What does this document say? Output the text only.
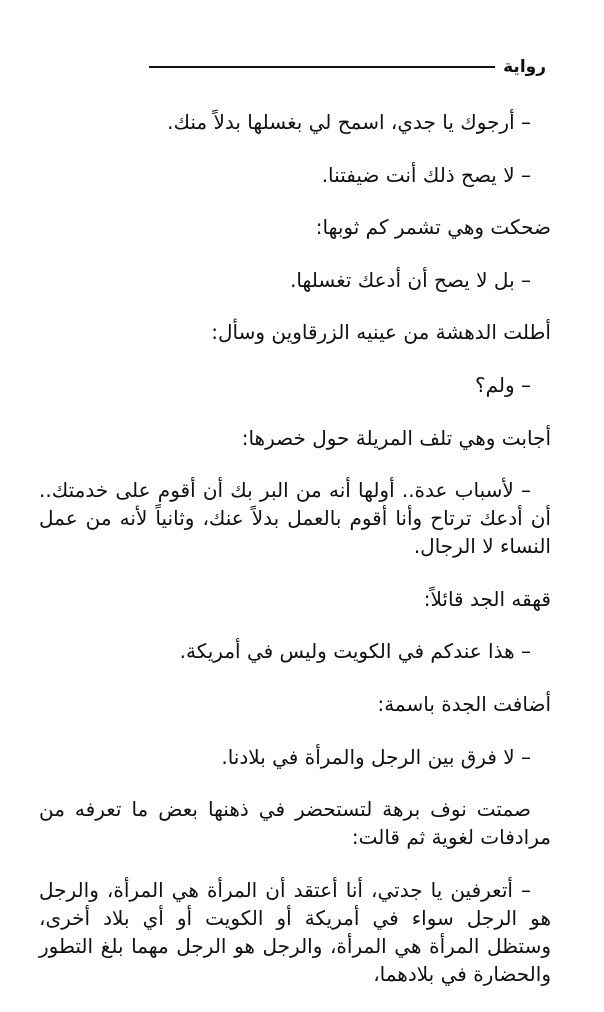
رواية

– أرجوك يا جدي، اسمح لي بغسلها بدلاً منك.

– لا يصح ذلك أنت ضيفتنا.

ضحكت وهي تشمر كم ثوبها:

– بل لا يصح أن أدعك تغسلها.

أطلت الدهشة من عينيه الزرقاوين وسأل:

– ولم؟

أجابت وهي تلف المريلة حول خصرها:

– لأسباب عدة.. أولها أنه من البر بك أن أقوم على خدمتك.. أن أدعك ترتاح وأنا أقوم بالعمل بدلاً عنك، وثانياً لأنه من عمل النساء لا الرجال.

قهقه الجد قائلاً:

– هذا عندكم في الكويت وليس في أمريكة.

أضافت الجدة باسمة:

– لا فرق بين الرجل والمرأة في بلادنا.

صمتت نوف برهة لتستحضر في ذهنها بعض ما تعرفه من مرادفات لغوية ثم قالت:

– أتعرفين يا جدتي، أنا أعتقد أن المرأة هي المرأة، والرجل هو الرجل سواء في أمريكة أو الكويت أو أي بلاد أخرى، وستظل المرأة هي المرأة، والرجل هو الرجل مهما بلغ التطور والحضارة في بلادهما،
